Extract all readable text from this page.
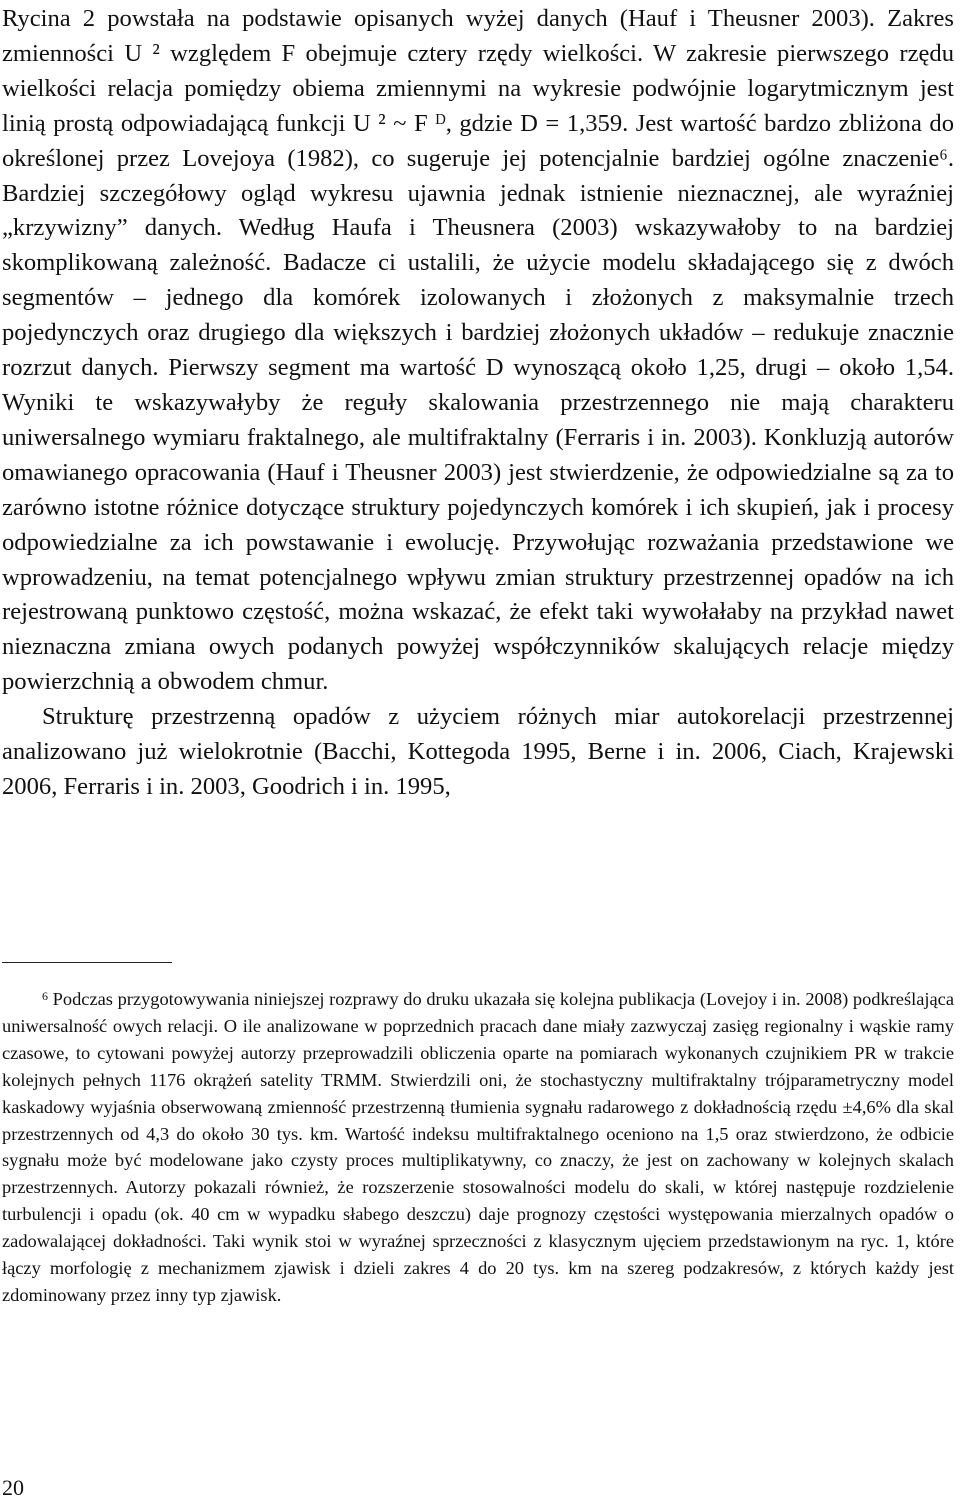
Rycina 2 powstała na podstawie opisanych wyżej danych (Hauf i Theusner 2003). Zakres zmienności U ² względem F obejmuje cztery rzędy wielkości. W zakresie pierwszego rzędu wielkości relacja pomiędzy obiema zmiennymi na wykresie podwójnie logarytmicznym jest linią prostą odpowiadającą funkcji U ² ~ F ᴰ, gdzie D = 1,359. Jest wartość bardzo zbliżona do określonej przez Lovejoya (1982), co sugeruje jej potencjalnie bardziej ogólne znaczenie⁶. Bardziej szczegółowy ogląd wykresu ujawnia jednak istnienie nieznacznej, ale wyraźniej „krzywizny” danych. Według Haufa i Theusnera (2003) wskazywałoby to na bardziej skomplikowaną zależność. Badacze ci ustalili, że użycie modelu składającego się z dwóch segmentów – jednego dla komórek izolowanych i złożonych z maksymalnie trzech pojedynczych oraz drugiego dla większych i bardziej złożonych układów – redukuje znacznie rozrzut danych. Pierwszy segment ma wartość D wynoszącą około 1,25, drugi – około 1,54. Wyniki te wskazywałyby że reguły skalowania przestrzennego nie mają charakteru uniwersalnego wymiaru fraktalnego, ale multifraktalny (Ferraris i in. 2003). Konkluzją autorów omawianego opracowania (Hauf i Theusner 2003) jest stwierdzenie, że odpowiedzialne są za to zarówno istotne różnice dotyczące struktury pojedynczych komórek i ich skupień, jak i procesy odpowiedzialne za ich powstawanie i ewolucję. Przywołując rozważania przedstawione we wprowadzeniu, na temat potencjalnego wpływu zmian struktury przestrzennej opadów na ich rejestrowaną punktowo częstość, można wskazać, że efekt taki wywołałaby na przykład nawet nieznaczna zmiana owych podanych powyżej współczynników skalujących relacje między powierzchnią a obwodem chmur.

Strukturę przestrzenną opadów z użyciem różnych miar autokorelacji przestrzennej analizowano już wielokrotnie (Bacchi, Kottegoda 1995, Berne i in. 2006, Ciach, Krajewski 2006, Ferraris i in. 2003, Goodrich i in. 1995,

$^6$ Podczas przygotowywania niniejszej rozprawy do druku ukazała się kolejna publikacja (Lovejoy i in. 2008) podkreślająca uniwersalność owych relacji. O ile analizowane w poprzednich pracach dane miały zazwyczaj zasięg regionalny i wąskie ramy czasowe, to cytowani powyżej autorzy przeprowadzili obliczenia oparte na pomiarach wykonanych czujnikiem PR w trakcie kolejnych pełnych 1176 okrążeń satelity TRMM. Stwierdzili oni, że stochastyczny multifraktalny trójparametryczny model kaskadowy wyjaśnia obserwowaną zmienność przestrzenną tłumienia sygnału radarowego z dokładnością rzędu ±4,6% dla skal przestrzennych od 4,3 do około 30 tys. km. Wartość indeksu multifraktalnego oceniono na 1,5 oraz stwierdzono, że odbicie sygnału może być modelowane jako czysty proces multiplikatywny, co znaczy, że jest on zachowany w kolejnych skalach przestrzennych. Autorzy pokazali również, że rozszerzenie stosowalności modelu do skali, w której następuje rozdzielenie turbulencji i opadu (ok. 40 cm w wypadku słabego deszczu) daje prognozy częstości występowania mierzalnych opadów o zadowalającej dokładności. Taki wynik stoi w wyraźnej sprzeczności z klasycznym ujęciem przedstawionym na ryc. 1, które łączy morfologię z mechanizmem zjawisk i dzieli zakres 4 do 20 tys. km na szereg podzakresów, z których każdy jest zdominowany przez inny typ zjawisk.

20
